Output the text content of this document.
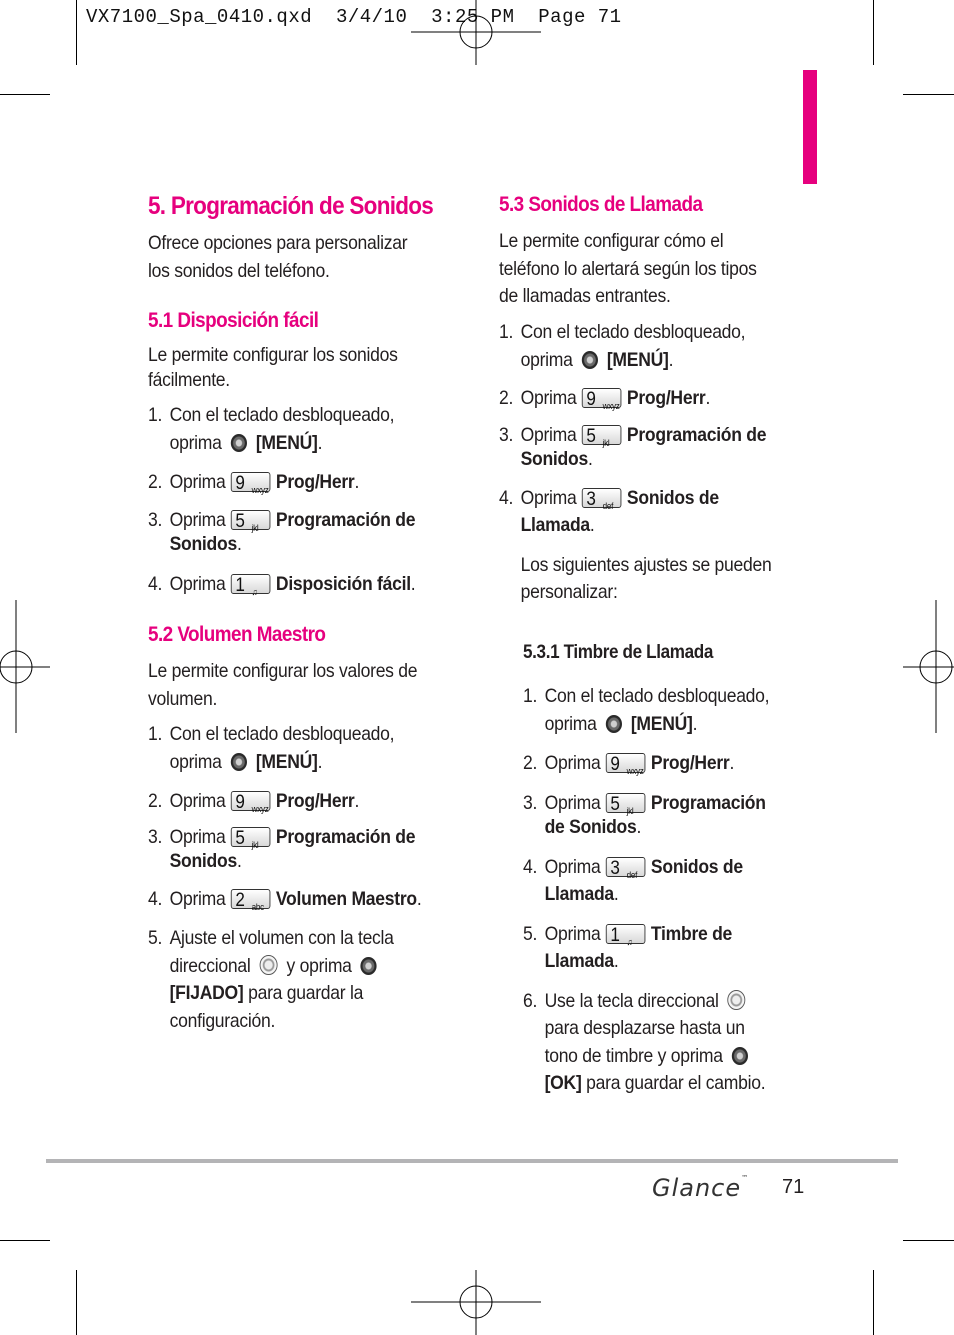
VX7100_Spa_0410.qxd  3/4/10  3:25 PM  Page 71
5. Programación de Sonidos
Ofrece opciones para personalizar
los sonidos del teléfono.
5.1 Disposición fácil
Le permite configurar los sonidos
fácilmente.
1. Con el teclado desbloqueado,
oprima [MENÚ].
2. Oprima 9 wxyz Prog/Herr.
3. Oprima 5 jkl Programación de
Sonidos.
4. Oprima 1 ♫ Disposición fácil.
5.2 Volumen Maestro
Le permite configurar los valores de
volumen.
1. Con el teclado desbloqueado,
oprima [MENÚ].
2. Oprima 9 wxyz Prog/Herr.
3. Oprima 5 jkl Programación de
Sonidos.
4. Oprima 2 abc Volumen Maestro.
5. Ajuste el volumen con la tecla
direccional y oprima
[FIJADO] para guardar la
configuración.
5.3 Sonidos de Llamada
Le permite configurar cómo el
teléfono lo alertará según los tipos
de llamadas entrantes.
1. Con el teclado desbloqueado,
oprima [MENÚ].
2. Oprima 9 wxyz Prog/Herr.
3. Oprima 5 jkl Programación de
Sonidos.
4. Oprima 3 def Sonidos de
Llamada.
Los siguientes ajustes se pueden
personalizar:
5.3.1 Timbre de Llamada
1. Con el teclado desbloqueado,
oprima [MENÚ].
2. Oprima 9 wxyz Prog/Herr.
3. Oprima 5 jkl Programación
de Sonidos.
4. Oprima 3 def Sonidos de
Llamada.
5. Oprima 1 ♫ Timbre de
Llamada.
6. Use la tecla direccional
para desplazarse hasta un
tono de timbre y oprima
[OK] para guardar el cambio.
Glance™ 71
